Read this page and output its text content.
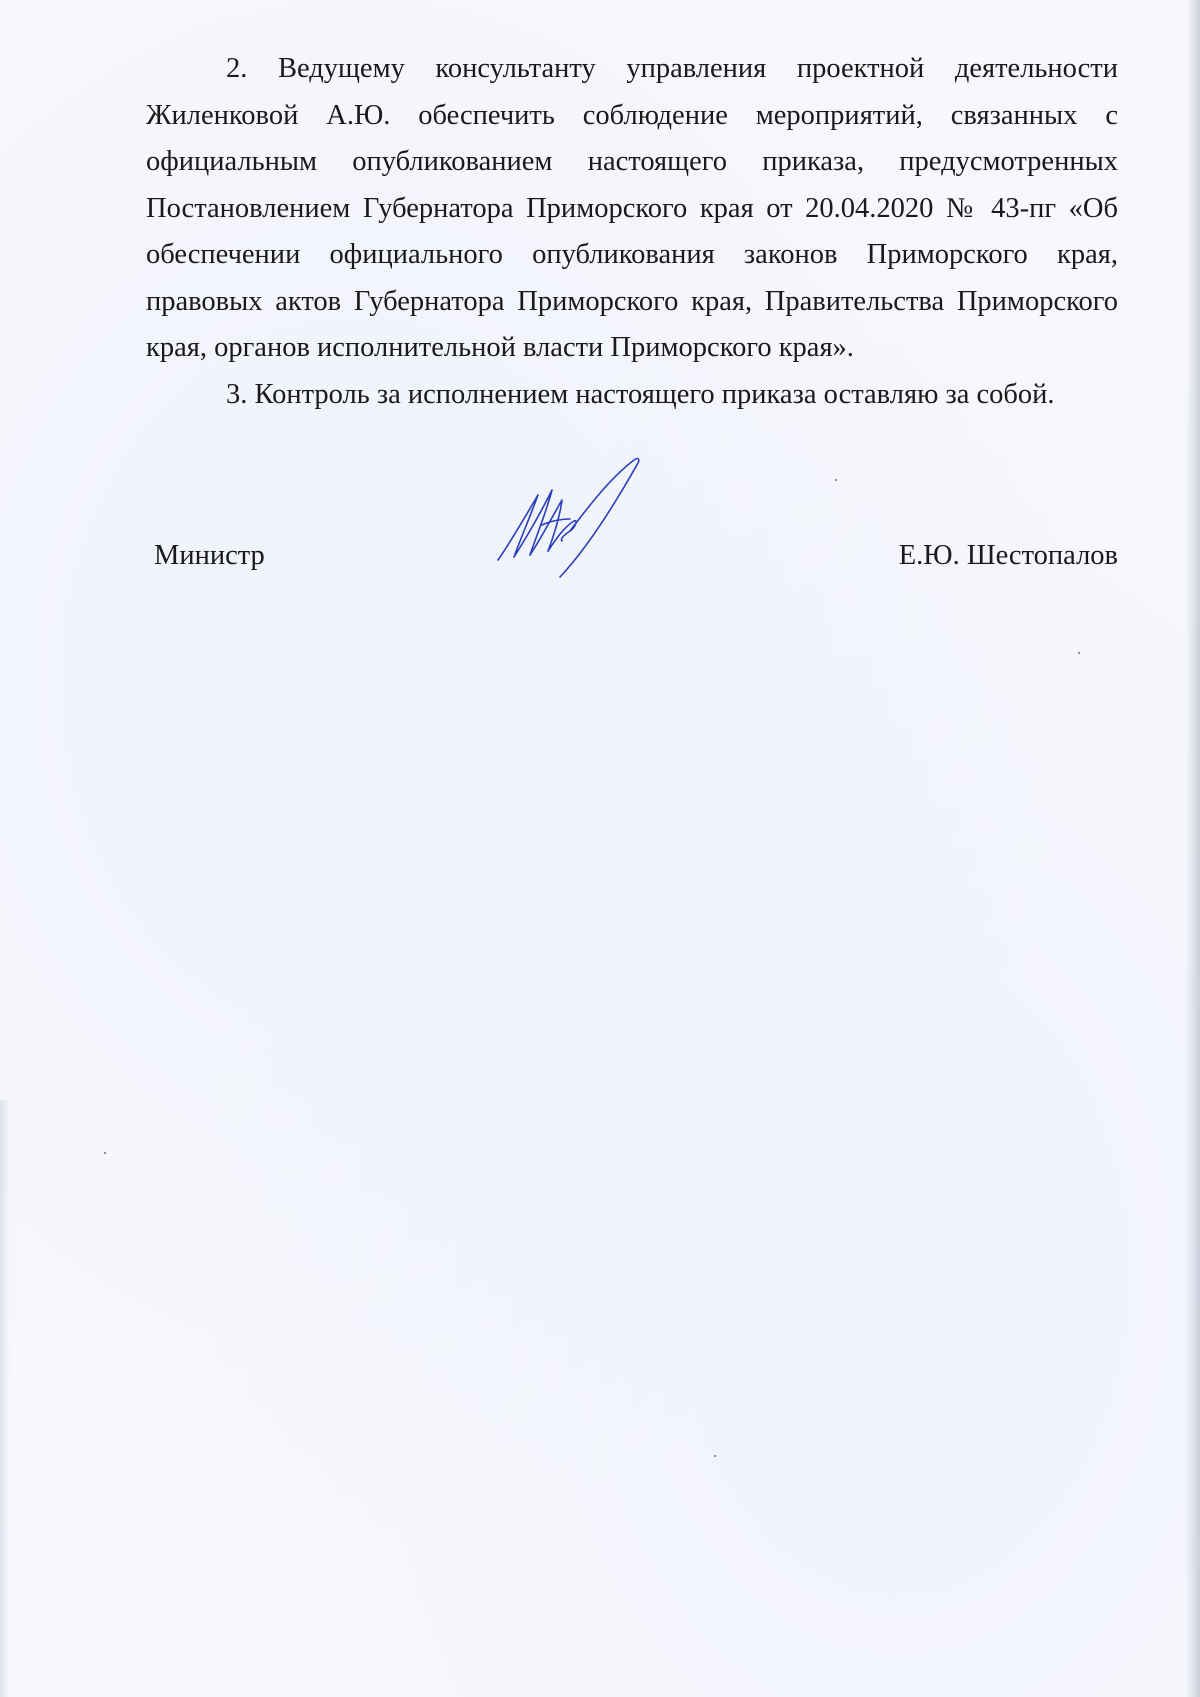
2. Ведущему консультанту управления проектной деятельности Жиленковой А.Ю. обеспечить соблюдение мероприятий, связанных с официальным опубликованием настоящего приказа, предусмотренных Постановлением Губернатора Приморского края от 20.04.2020 № 43-пг «Об обеспечении официального опубликования законов Приморского края, правовых актов Губернатора Приморского края, Правительства Приморского края, органов исполнительной власти Приморского края».

3. Контроль за исполнением настоящего приказа оставляю за собой.

Министр	Е.Ю. Шестопалов
